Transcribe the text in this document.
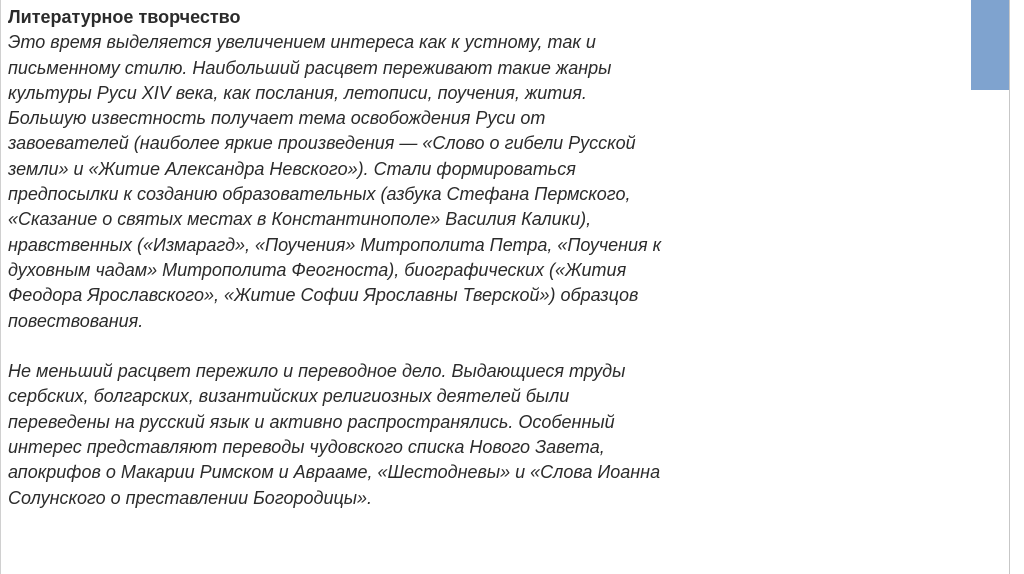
Литературное творчество
Это время выделяется увеличением интереса как к устному, так и
письменному стилю. Наибольший расцвет переживают такие жанры
культуры Руси XIV века, как послания, летописи, поучения, жития.
Большую известность получает тема освобождения Руси от
завоевателей (наиболее яркие произведения — «Слово о гибели Русской
земли» и «Житие Александра Невского»). Стали формироваться
предпосылки к созданию образовательных (азбука Стефана Пермского,
«Сказание о святых местах в Константинополе» Василия Калики),
нравственных («Измарагд», «Поучения» Митрополита Петра, «Поучения к
духовным чадам» Митрополита Феогноста), биографических («Жития
Феодора Ярославского», «Житие Софии Ярославны Тверской») образцов
повествования.
Не меньший расцвет пережило и переводное дело. Выдающиеся труды
сербских, болгарских, византийских религиозных деятелей были
переведены на русский язык и активно распространялись. Особенный
интерес представляют переводы чудовского списка Нового Завета,
апокрифов о Макарии Римском и Аврааме, «Шестодневы» и «Слова Иоанна
Солунского о преставлении Богородицы».
